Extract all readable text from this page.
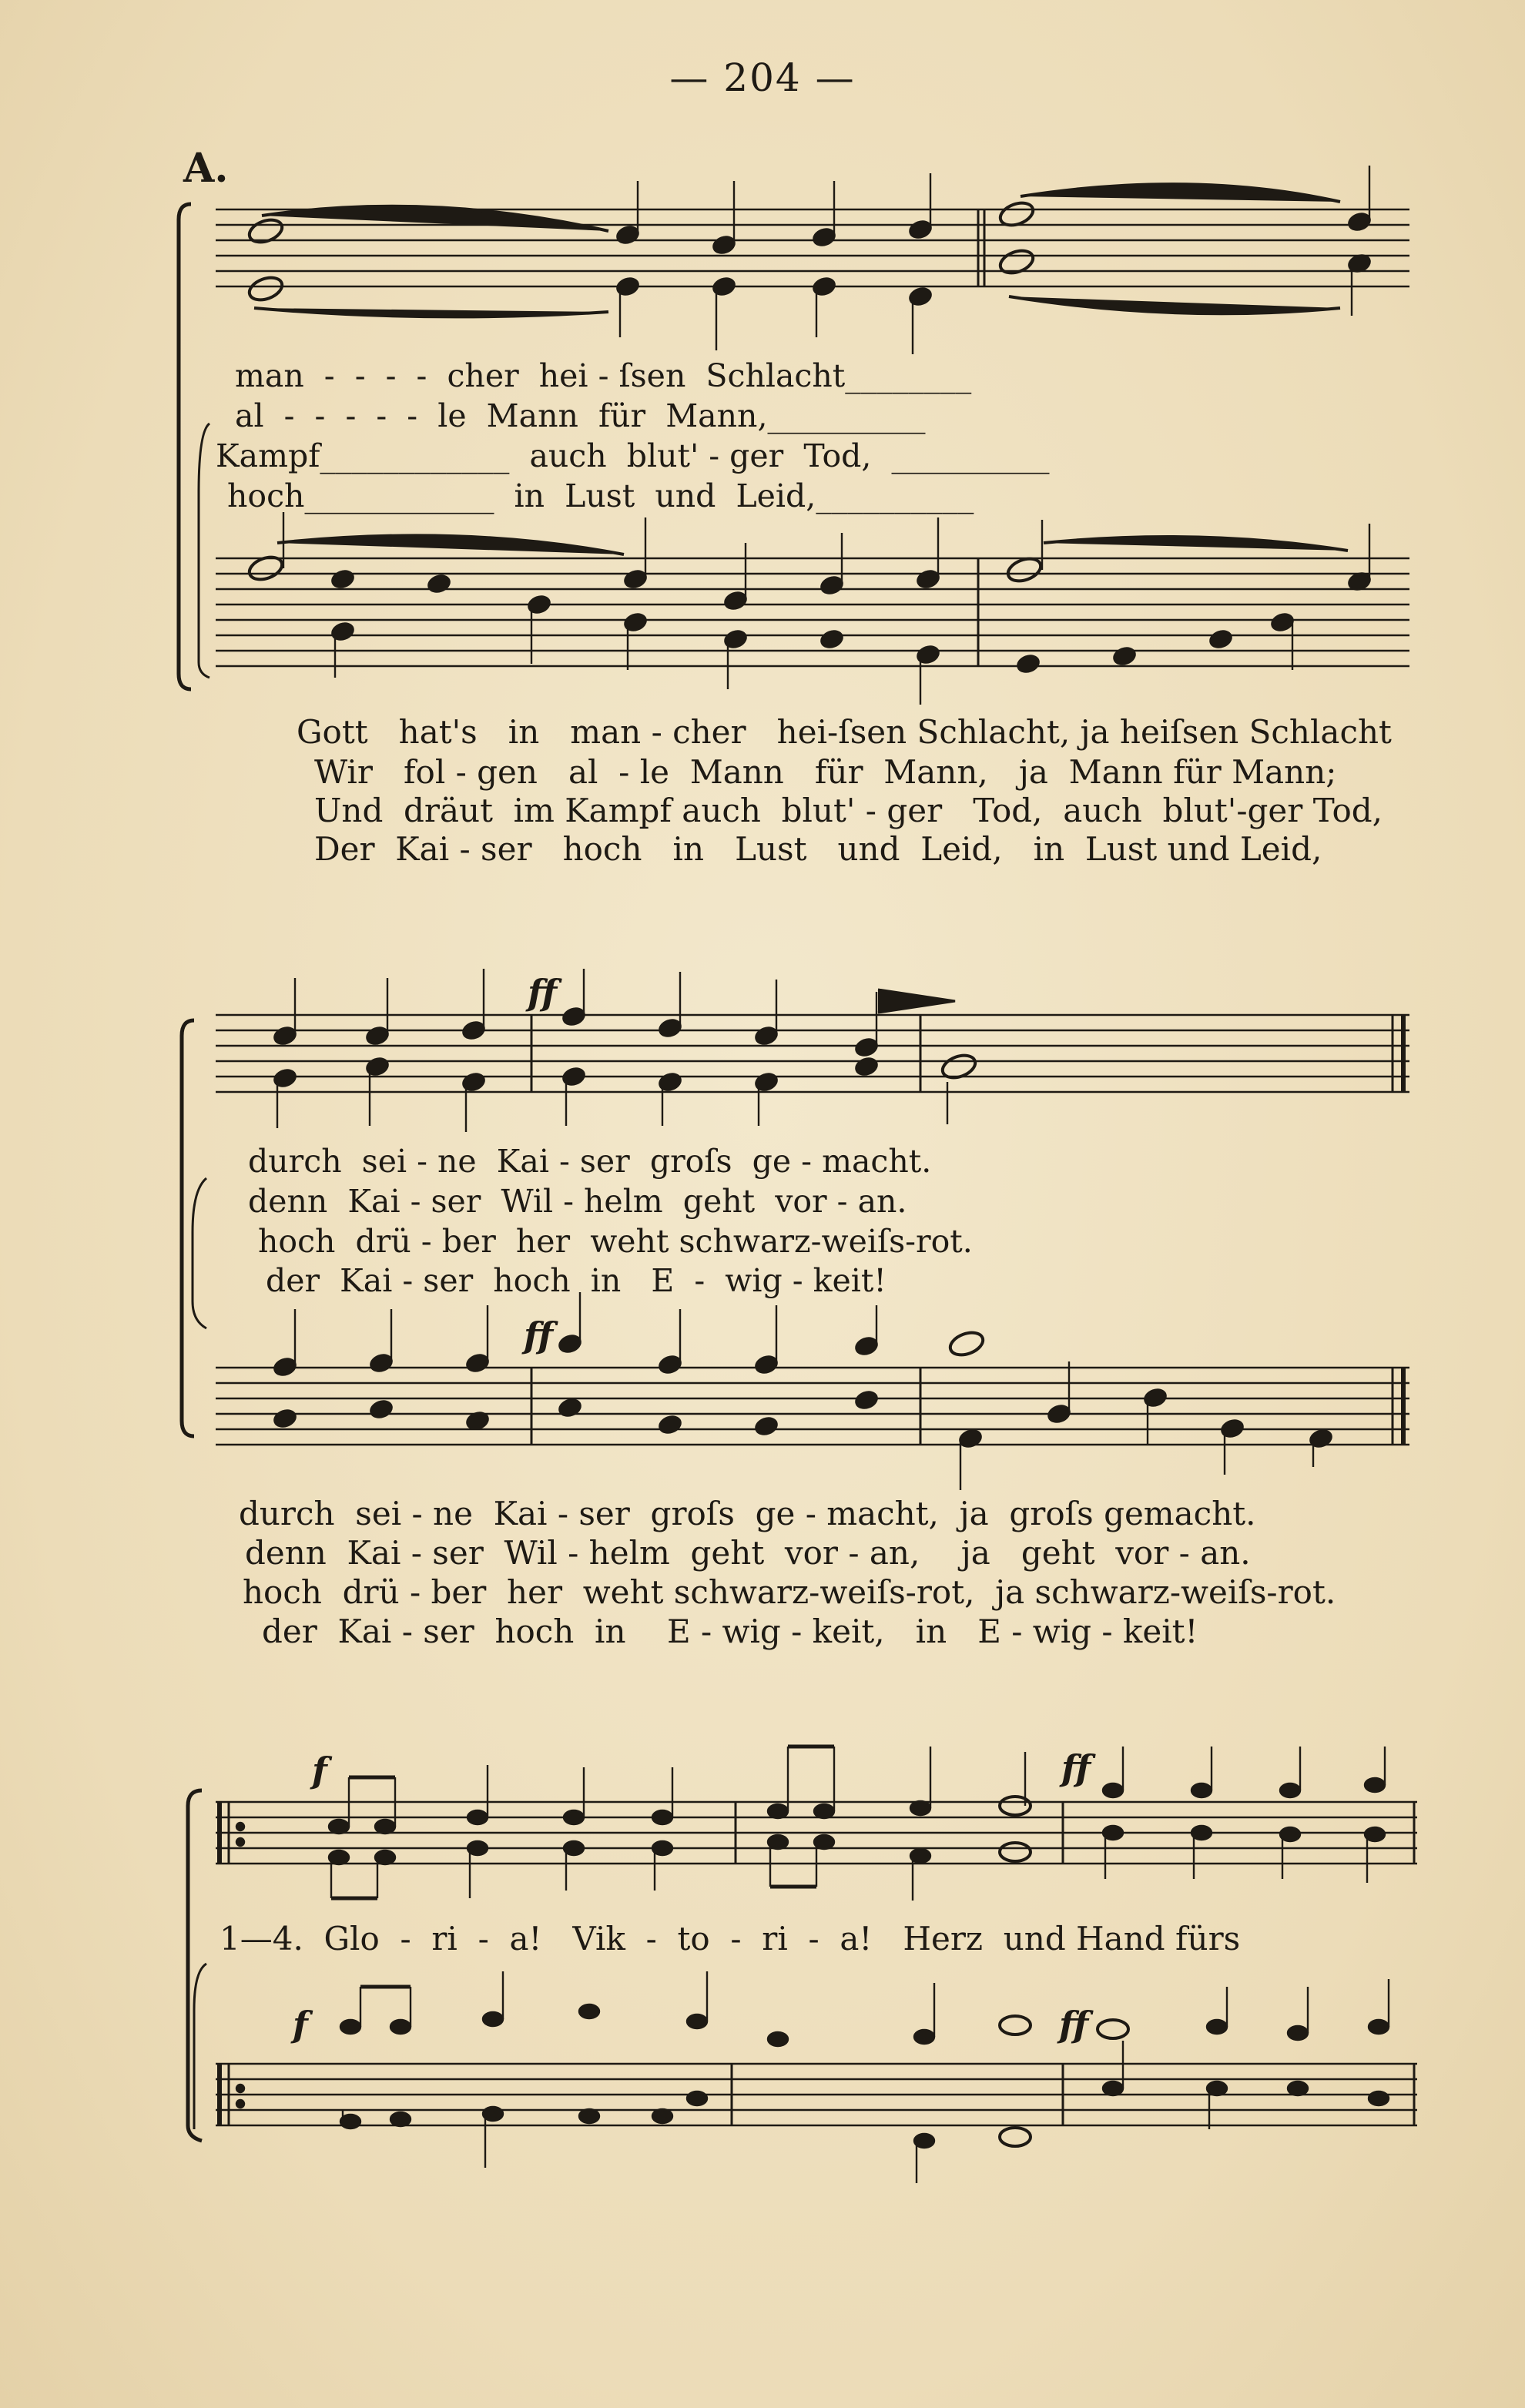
— 204 —
A.
ff
ff
f	ff
f	ff
man  -  -  -  -  cher  hei - ſsen  Schlacht________
al  -  -  -  -  -  le  Mann  für  Mann,__________
Kampf____________  auch  blut' - ger  Tod,  __________
hoch____________  in  Lust  und  Leid,__________
Gott   hat's   in   man - cher   hei-ſsen Schlacht, ja heiſsen Schlacht
Wir   fol - gen   al  - le  Mann   für  Mann,   ja  Mann für Mann;
Und  dräut  im Kampf auch  blut' - ger   Tod,  auch  blut'-ger Tod,
Der  Kai - ser   hoch   in   Lust   und  Leid,   in  Lust und Leid,
durch  sei - ne  Kai - ser  groſs  ge - macht.
denn  Kai - ser  Wil - helm  geht  vor - an.
hoch  drü - ber  her  weht schwarz-weiſs-rot.
der  Kai - ser  hoch  in   E  -  wig - keit!
durch  sei - ne  Kai - ser  groſs  ge - macht,  ja  groſs gemacht.
denn  Kai - ser  Wil - helm  geht  vor - an,    ja   geht  vor - an.
hoch  drü - ber  her  weht schwarz-weiſs-rot,  ja schwarz-weiſs-rot.
der  Kai - ser  hoch  in    E - wig - keit,   in   E - wig - keit!
1—4.  Glo  -  ri  -  a!   Vik  -  to  -  ri  -  a!   Herz  und Hand fürs
